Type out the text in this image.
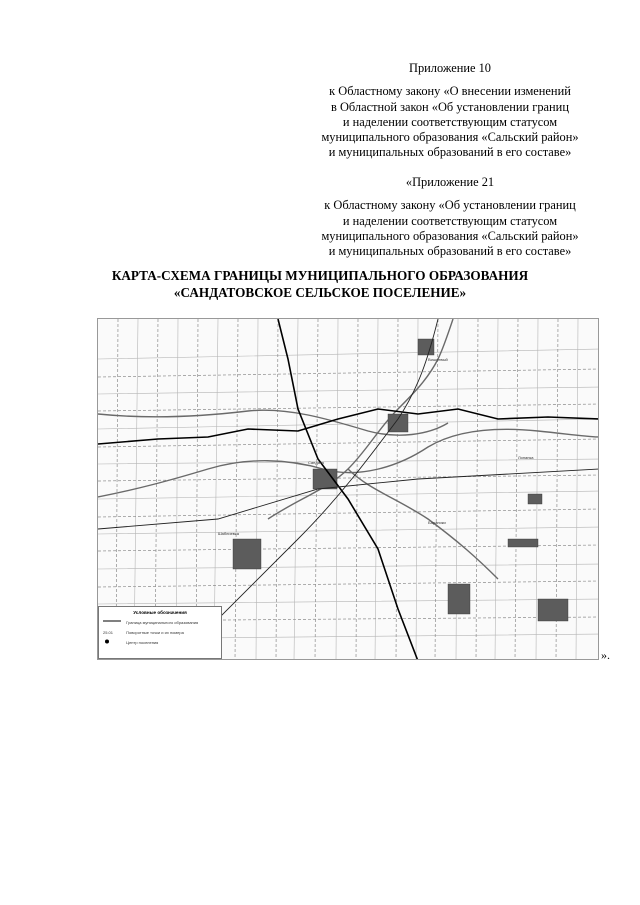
Приложение 10
к Областному закону «О внесении изменений
в Областной закон «Об установлении границ
и наделении соответствующим статусом
муниципального образования «Сальский район»
и муниципальных образований в его составе»
«Приложение 21
к Областному закону «Об установлении границ
и наделении соответствующим статусом
муниципального образования «Сальский район»
и муниципальных образований в его составе»
КАРТА-СХЕМА ГРАНИЦЫ МУНИЦИПАЛЬНОГО ОБРАЗОВАНИЯ
«САНДАТОВСКОЕ СЕЛЬСКОЕ ПОСЕЛЕНИЕ»
Вишневый
Сандата
Бараники
Шаблиевка
Лопанка
Условные обозначения
Граница муниципального образования
25.01	Поворотные точки и их номера
Центр поселения
».
